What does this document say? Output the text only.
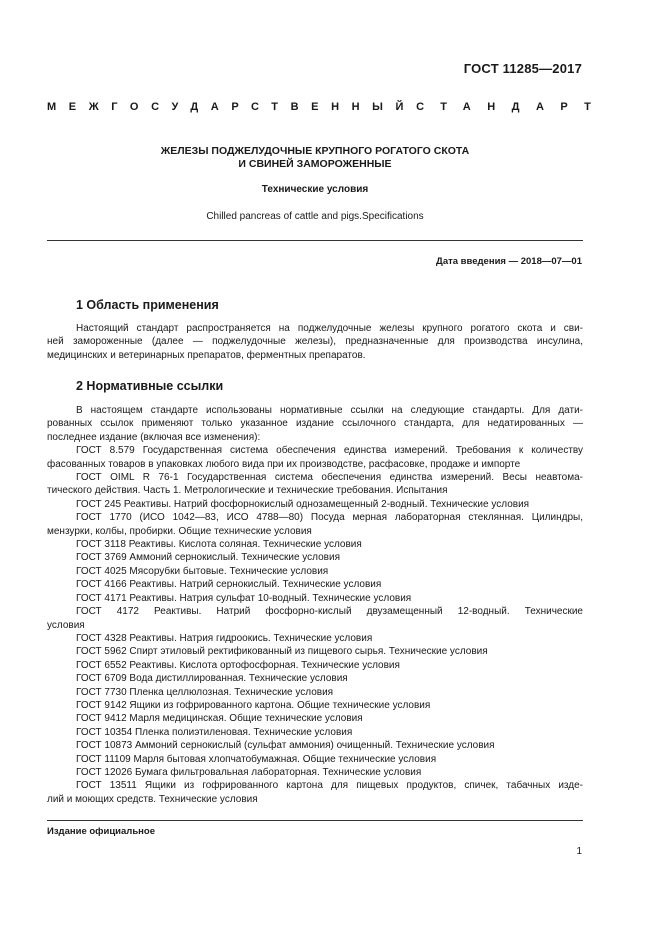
ГОСТ 11285—2017
МЕЖГОСУДАРСТВЕННЫЙ СТАНДАРТ
ЖЕЛЕЗЫ ПОДЖЕЛУДОЧНЫЕ КРУПНОГО РОГАТОГО СКОТА
И СВИНЕЙ ЗАМОРОЖЕННЫЕ
Технические условия
Chilled pancreas of cattle and pigs.Specifications
Дата введения — 2018—07—01
1 Область применения
Настоящий стандарт распространяется на поджелудочные железы крупного рогатого скота и сви-
ней замороженные (далее — поджелудочные железы), предназначенные для производства инсулина,
медицинских и ветеринарных препаратов, ферментных препаратов.
2 Нормативные ссылки
В настоящем стандарте использованы нормативные ссылки на следующие стандарты. Для дати-
рованных ссылок применяют только указанное издание ссылочного стандарта, для недатированных —
последнее издание (включая все изменения):
ГОСТ 8.579 Государственная система обеспечения единства измерений. Требования к количеству
фасованных товаров в упаковках любого вида при их производстве, расфасовке, продаже и импорте
ГОСТ OIML R 76-1 Государственная система обеспечения единства измерений. Весы неавтома-
тического действия. Часть 1. Метрологические и технические требования. Испытания
ГОСТ 245 Реактивы. Натрий фосфорнокислый однозамещенный 2-водный. Технические условия
ГОСТ 1770 (ИСО 1042—83, ИСО 4788—80) Посуда мерная лабораторная стеклянная. Цилиндры,
мензурки, колбы, пробирки. Общие технические условия
ГОСТ 3118 Реактивы. Кислота соляная. Технические условия
ГОСТ 3769 Аммоний сернокислый. Технические условия
ГОСТ 4025 Мясорубки бытовые. Технические условия
ГОСТ 4166 Реактивы. Натрий сернокислый. Технические условия
ГОСТ 4171 Реактивы. Натрия сульфат 10-водный. Технические условия
ГОСТ 4172 Реактивы. Натрий фосфорно-кислый двузамещенный 12-водный. Технические
условия
ГОСТ 4328 Реактивы. Натрия гидроокись. Технические условия
ГОСТ 5962 Спирт этиловый ректификованный из пищевого сырья. Технические условия
ГОСТ 6552 Реактивы. Кислота ортофосфорная. Технические условия
ГОСТ 6709 Вода дистиллированная. Технические условия
ГОСТ 7730 Пленка целлюлозная. Технические условия
ГОСТ 9142 Ящики из гофрированного картона. Общие технические условия
ГОСТ 9412 Марля медицинская. Общие технические условия
ГОСТ 10354 Пленка полиэтиленовая. Технические условия
ГОСТ 10873 Аммоний сернокислый (сульфат аммония) очищенный. Технические условия
ГОСТ 11109 Марля бытовая хлопчатобумажная. Общие технические условия
ГОСТ 12026 Бумага фильтровальная лабораторная. Технические условия
ГОСТ 13511 Ящики из гофрированного картона для пищевых продуктов, спичек, табачных изде-
лий и моющих средств. Технические условия
Издание официальное
1
